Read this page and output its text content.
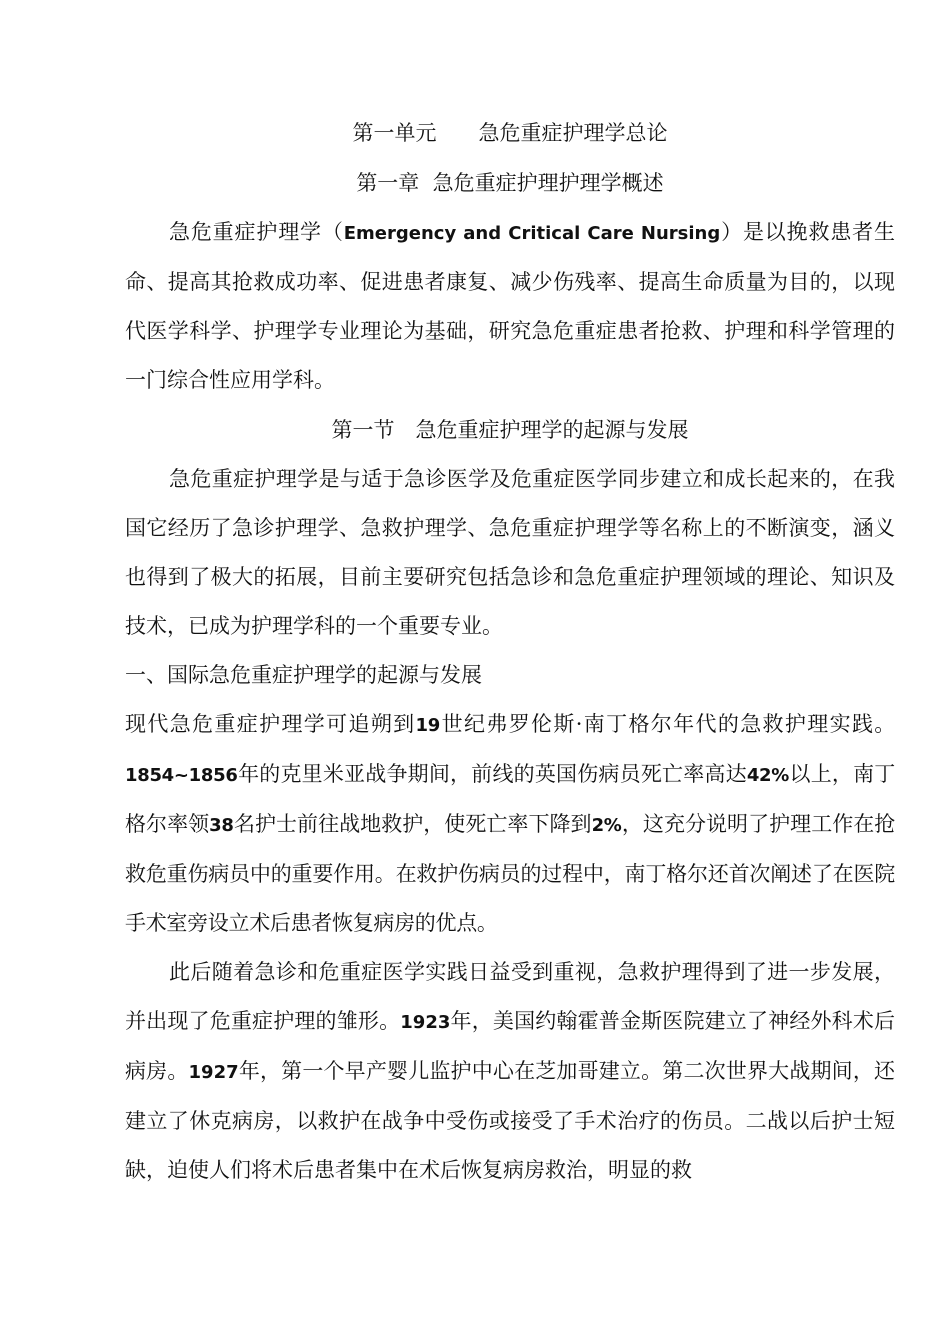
第一单元　　急危重症护理学总论
第一章  急危重症护理护理学概述

急危重症护理学（Emergency and Critical Care Nursing）是以挽救患者生命、提高其抢救成功率、促进患者康复、减少伤残率、提高生命质量为目的，以现代医学科学、护理学专业理论为基础，研究急危重症患者抢救、护理和科学管理的一门综合性应用学科。

第一节　急危重症护理学的起源与发展

急危重症护理学是与适于急诊医学及危重症医学同步建立和成长起来的，在我国它经历了急诊护理学、急救护理学、急危重症护理学等名称上的不断演变，涵义也得到了极大的拓展，目前主要研究包括急诊和急危重症护理领域的理论、知识及技术，已成为护理学科的一个重要专业。

一、国际急危重症护理学的起源与发展

现代急危重症护理学可追朔到19世纪弗罗伦斯·南丁格尔年代的急救护理实践。1854~1856年的克里米亚战争期间，前线的英国伤病员死亡率高达42%以上，南丁格尔率领38名护士前往战地救护，使死亡率下降到2%，这充分说明了护理工作在抢救危重伤病员中的重要作用。在救护伤病员的过程中，南丁格尔还首次阐述了在医院手术室旁设立术后患者恢复病房的优点。

此后随着急诊和危重症医学实践日益受到重视，急救护理得到了进一步发展，并出现了危重症护理的雏形。1923年，美国约翰霍普金斯医院建立了神经外科术后病房。1927年，第一个早产婴儿监护中心在芝加哥建立。第二次世界大战期间，还建立了休克病房，以救护在战争中受伤或接受了手术治疗的伤员。二战以后护士短缺，迫使人们将术后患者集中在术后恢复病房救治，明显的救
